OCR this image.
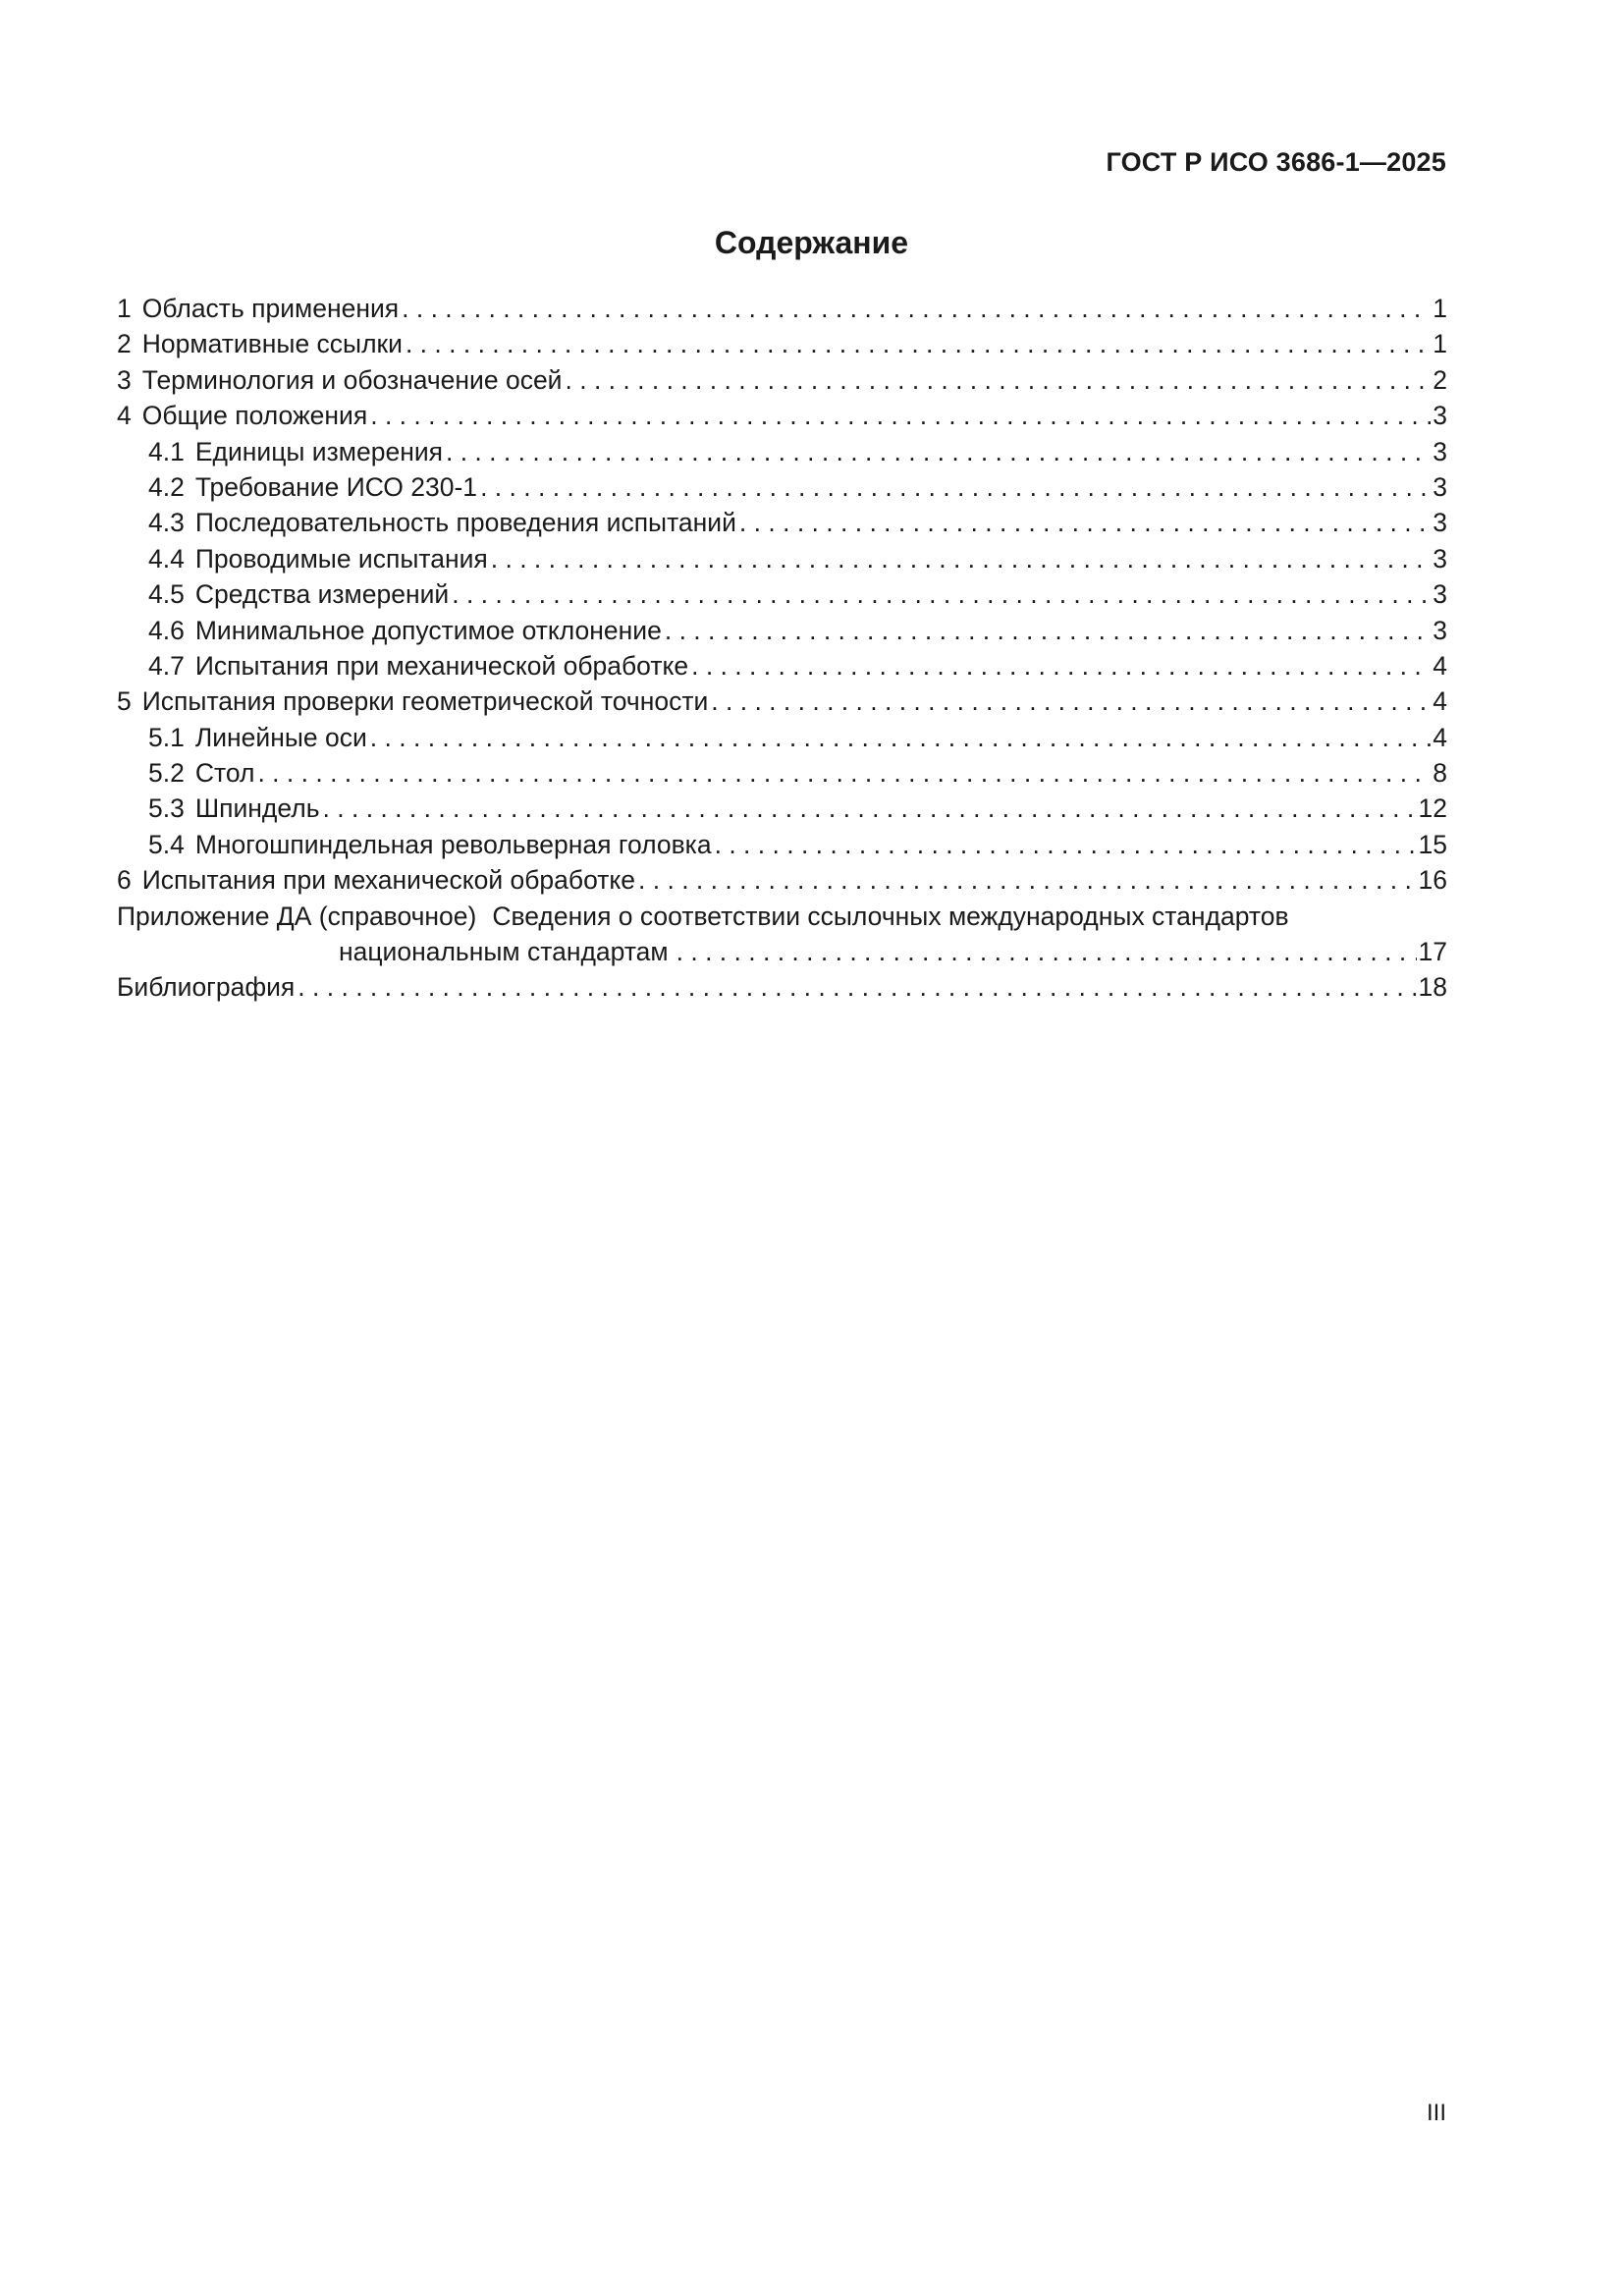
ГОСТ Р ИСО 3686-1—2025
Содержание
1 Область применения . . .	1
2 Нормативные ссылки . . .	1
3 Терминология и обозначение осей . . .	2
4 Общие положения . . .	3
4.1 Единицы измерения . . .	3
4.2 Требование ИСО 230-1 . . .	3
4.3 Последовательность проведения испытаний . . .	3
4.4 Проводимые испытания . . .	3
4.5 Средства измерений . . .	3
4.6 Минимальное допустимое отклонение . . .	3
4.7 Испытания при механической обработке . . .	4
5 Испытания проверки геометрической точности . . .	4
5.1 Линейные оси . . .	4
5.2 Стол . . .	8
5.3 Шпиндель . . .	12
5.4 Многошпиндельная револьверная головка . . .	15
6 Испытания при механической обработке . . .	16
Приложение ДА (справочное) Сведения о соответствии ссылочных международных стандартов
национальным стандартам . . .	17
Библиография . . .	18
III
